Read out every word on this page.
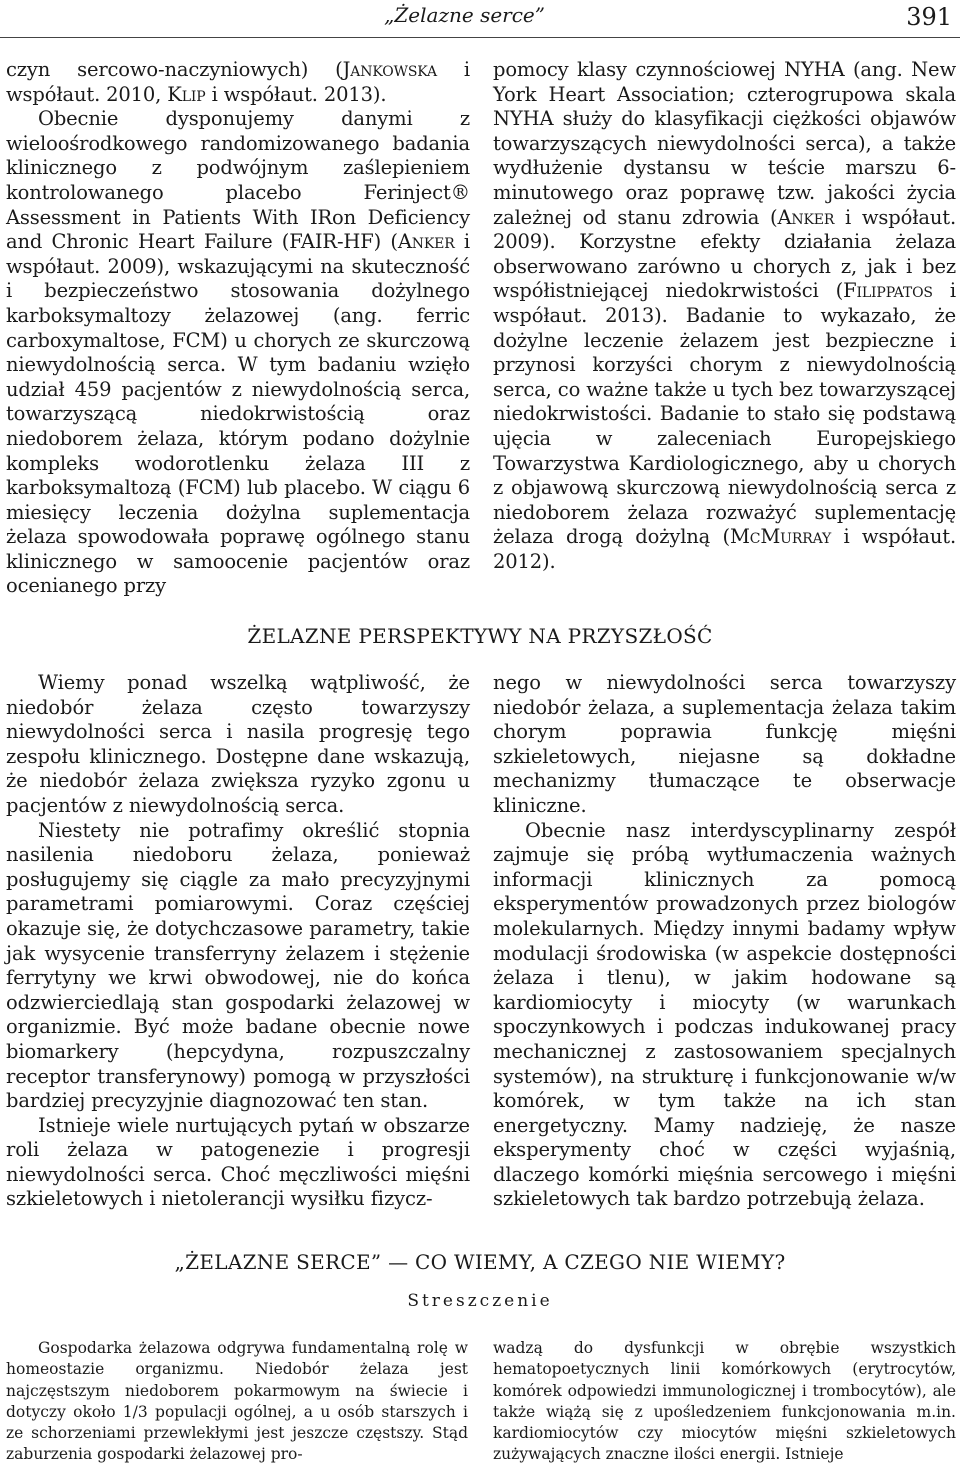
„Żelazne serce”	391

czyn sercowo-naczyniowych) (Jankowska i współaut. 2010, Klip i współaut. 2013).

Obecnie dysponujemy danymi z wieloośrodkowego randomizowanego badania klinicznego z podwójnym zaślepieniem kontrolowanego placebo Ferinject® Assessment in Patients With IRon Deficiency and Chronic Heart Failure (FAIR-HF) (Anker i współaut. 2009), wskazującymi na skuteczność i bezpieczeństwo stosowania dożylnego karboksymaltozy żelazowej (ang. ferric carboxymaltose, FCM) u chorych ze skurczową niewydolnością serca. W tym badaniu wzięło udział 459 pacjentów z niewydolnością serca, towarzyszącą niedokrwistością oraz niedoborem żelaza, którym podano dożylnie kompleks wodorotlenku żelaza III z karboksymaltozą (FCM) lub placebo. W ciągu 6 miesięcy leczenia dożylna suplementacja żelaza spowodowała poprawę ogólnego stanu klinicznego w samoocenie pacjentów oraz ocenianego przy

pomocy klasy czynnościowej NYHA (ang. New York Heart Association; czterogrupowa skala NYHA służy do klasyfikacji ciężkości objawów towarzyszących niewydolności serca), a także wydłużenie dystansu w teście marszu 6-minutowego oraz poprawę tzw. jakości życia zależnej od stanu zdrowia (Anker i współaut. 2009). Korzystne efekty działania żelaza obserwowano zarówno u chorych z, jak i bez współistniejącej niedokrwistości (Filippatos i współaut. 2013). Badanie to wykazało, że dożylne leczenie żelazem jest bezpieczne i przynosi korzyści chorym z niewydolnością serca, co ważne także u tych bez towarzyszącej niedokrwistości. Badanie to stało się podstawą ujęcia w zaleceniach Europejskiego Towarzystwa Kardiologicznego, aby u chorych z objawową skurczową niewydolnością serca z niedoborem żelaza rozważyć suplementację żelaza drogą dożylną (McMurray i współaut. 2012).

ŻELAZNE PERSPEKTYWY NA PRZYSZŁOŚĆ

Wiemy ponad wszelką wątpliwość, że niedobór żelaza często towarzyszy niewydolności serca i nasila progresję tego zespołu klinicznego. Dostępne dane wskazują, że niedobór żelaza zwiększa ryzyko zgonu u pacjentów z niewydolnością serca.

Niestety nie potrafimy określić stopnia nasilenia niedoboru żelaza, ponieważ posługujemy się ciągle za mało precyzyjnymi parametrami pomiarowymi. Coraz częściej okazuje się, że dotychczasowe parametry, takie jak wysycenie transferryny żelazem i stężenie ferrytyny we krwi obwodowej, nie do końca odzwierciedlają stan gospodarki żelazowej w organizmie. Być może badane obecnie nowe biomarkery (hepcydyna, rozpuszczalny receptor transferynowy) pomogą w przyszłości bardziej precyzyjnie diagnozować ten stan.

Istnieje wiele nurtujących pytań w obszarze roli żelaza w patogenezie i progresji niewydolności serca. Choć męczliwości mięśni szkieletowych i nietolerancji wysiłku fizycz-

nego w niewydolności serca towarzyszy niedobór żelaza, a suplementacja żelaza takim chorym poprawia funkcję mięśni szkieletowych, niejasne są dokładne mechanizmy tłumaczące te obserwacje kliniczne.

Obecnie nasz interdyscyplinarny zespół zajmuje się próbą wytłumaczenia ważnych informacji klinicznych za pomocą eksperymentów prowadzonych przez biologów molekularnych. Między innymi badamy wpływ modulacji środowiska (w aspekcie dostępności żelaza i tlenu), w jakim hodowane są kardiomiocyty i miocyty (w warunkach spoczynkowych i podczas indukowanej pracy mechanicznej z zastosowaniem specjalnych systemów), na strukturę i funkcjonowanie w/w komórek, w tym także na ich stan energetyczny. Mamy nadzieję, że nasze eksperymenty choć w części wyjaśnią, dlaczego komórki mięśnia sercowego i mięśni szkieletowych tak bardzo potrzebują żelaza.

„ŻELAZNE SERCE” — CO WIEMY, A CZEGO NIE WIEMY?
Streszczenie

Gospodarka żelazowa odgrywa fundamentalną rolę w homeostazie organizmu. Niedobór żelaza jest najczęstszym niedoborem pokarmowym na świecie i dotyczy około 1/3 populacji ogólnej, a u osób starszych i ze schorzeniami przewlekłymi jest jeszcze częstszy. Stąd zaburzenia gospodarki żelazowej pro-

wadzą do dysfunkcji w obrębie wszystkich hematopoetycznych linii komórkowych (erytrocytów, komórek odpowiedzi immunologicznej i trombocytów), ale także wiążą się z upośledzeniem funkcjonowania m.in. kardiomiocytów czy miocytów mięśni szkieletowych zużywających znaczne ilości energii. Istnieje
